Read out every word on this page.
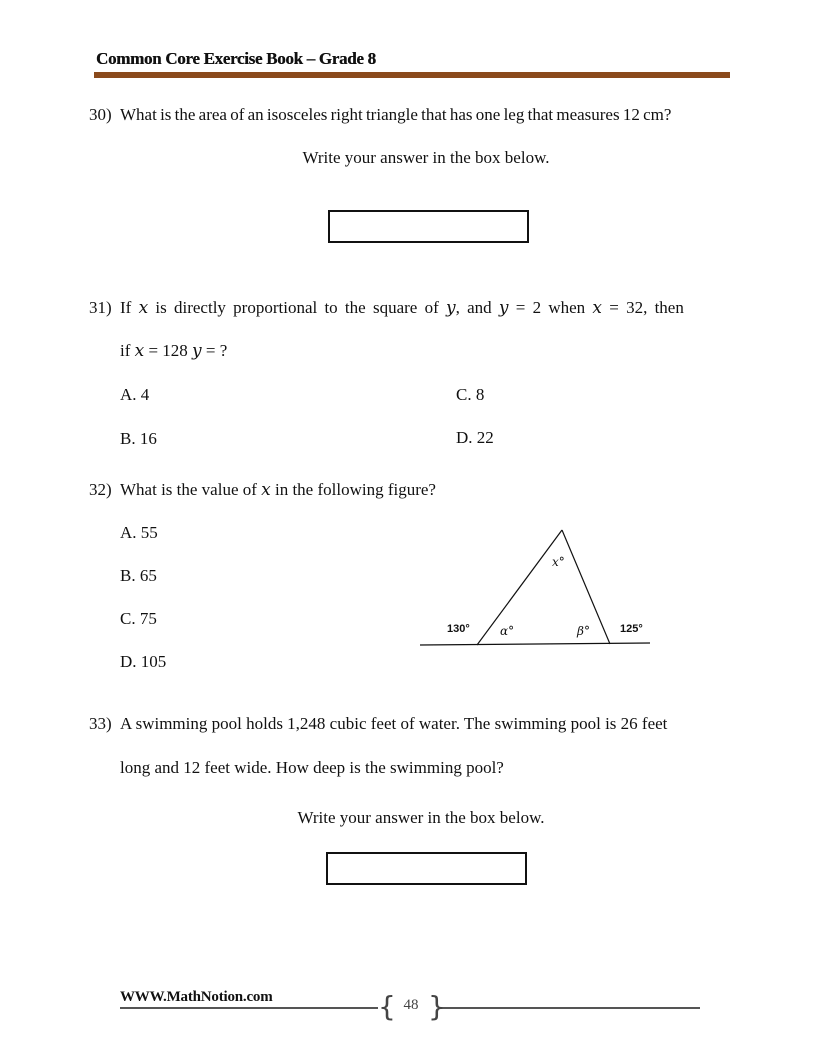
Common Core Exercise Book – Grade 8
30) What is the area of an isosceles right triangle that has one leg that measures 12 cm?
Write your answer in the box below.
31) If 𝑥 is directly proportional to the square of 𝑦, and 𝑦 = 2 when 𝑥 = 32, then
if 𝑥 = 128 𝑦 = ?
A. 4
B. 16
C. 8
D. 22
32) What is the value of 𝑥 in the following figure?
A. 55
B. 65
C. 75
D. 105
𝑥°
130°	𝛼°	𝛽°	125°
33) A swimming pool holds 1,248 cubic feet of water. The swimming pool is 26 feet
long and 12 feet wide. How deep is the swimming pool?
Write your answer in the box below.
WWW.MathNotion.com	{ }
48
